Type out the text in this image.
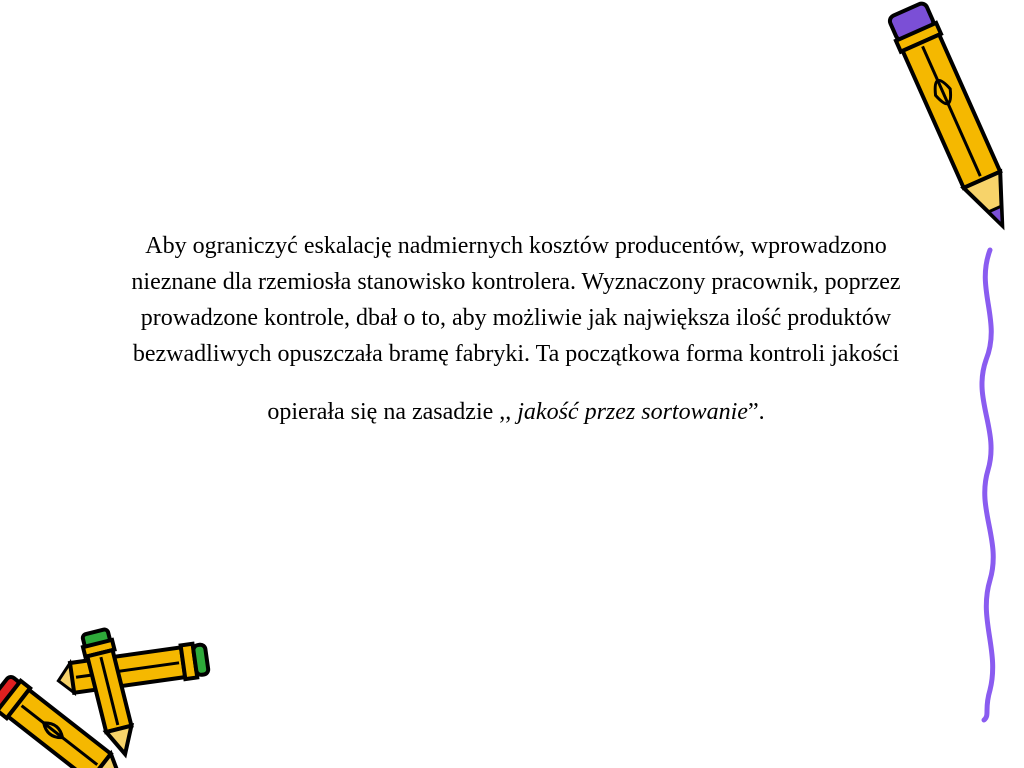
Aby ograniczyć eskalację nadmiernych kosztów producentów, wprowadzono nieznane dla rzemiosła stanowisko kontrolera. Wyznaczony pracownik, poprzez prowadzone kontrole, dbał o to, aby możliwie jak największa ilość produktów bezwadliwych opuszczała bramę fabryki. Ta początkowa forma kontroli jakości

opierała się na zasadzie ,, jakość przez sortowanie”.
